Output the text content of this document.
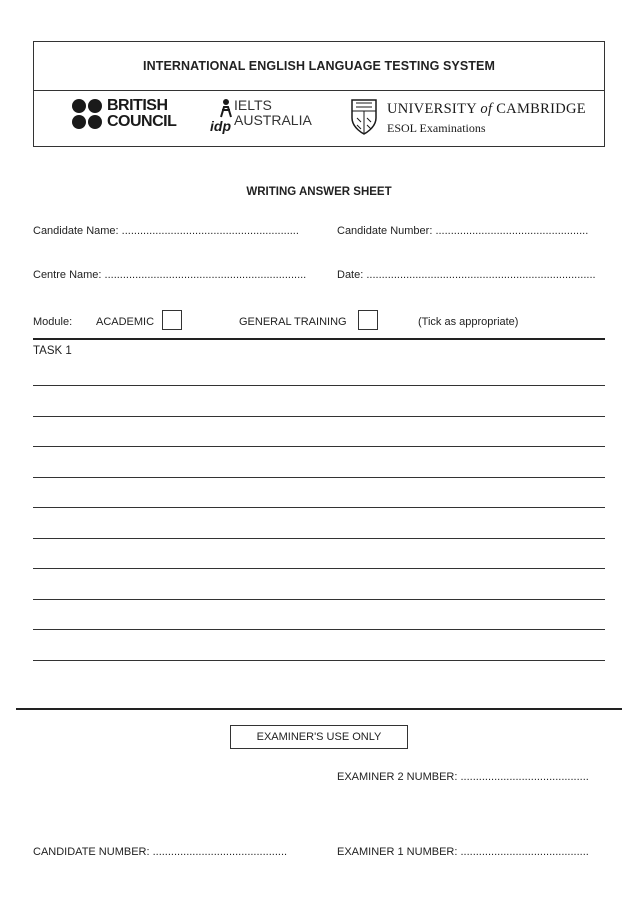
INTERNATIONAL ENGLISH LANGUAGE TESTING SYSTEM
BRITISH
COUNCIL
IELTS
AUSTRALIA
idp
UNIVERSITY of CAMBRIDGE
ESOL Examinations
WRITING ANSWER SHEET
Candidate Name: ..........................................................	Candidate Number: ..................................................
Centre Name: ..................................................................	Date: ...........................................................................
Module: ACADEMIC	GENERAL TRAINING	(Tick as appropriate)
TASK 1
EXAMINER'S USE ONLY
EXAMINER 2 NUMBER: ..........................................
CANDIDATE NUMBER: ............................................	EXAMINER 1 NUMBER: ..........................................
